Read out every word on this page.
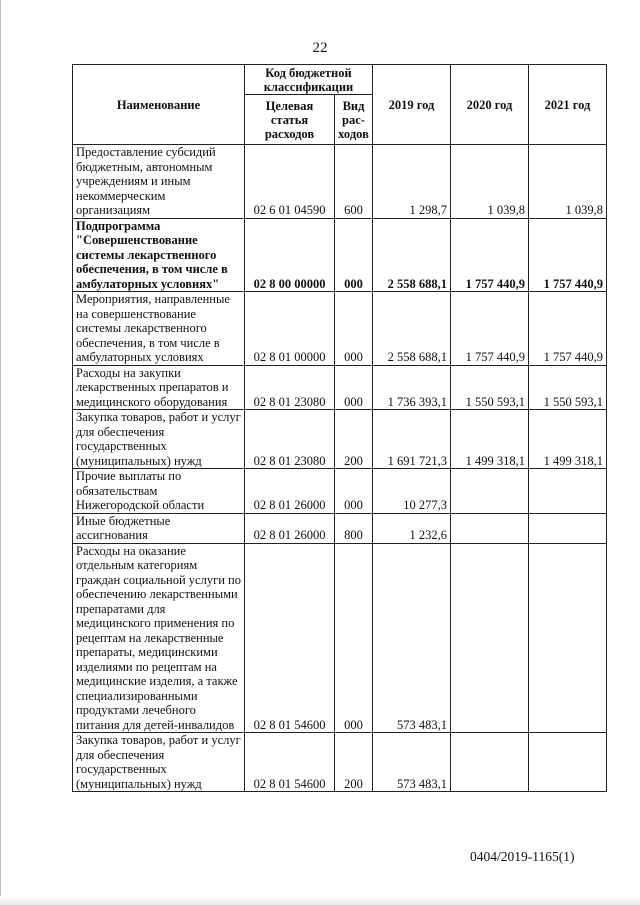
22
Наименование	Код бюджетной классификации		2019 год	2020 год	2021 год
	Целевая статья расходов	Вид рас-ходов			
Предоставление субсидий бюджетным, автономным учреждениям и иным некоммерческим организациям	02 6 01 04590	600	1 298,7	1 039,8	1 039,8
Подпрограмма "Совершенствование системы лекарственного обеспечения, в том числе в амбулаторных условиях"	02 8 00 00000	000	2 558 688,1	1 757 440,9	1 757 440,9
Мероприятия, направленные на совершенствование системы лекарственного обеспечения, в том числе в амбулаторных условиях	02 8 01 00000	000	2 558 688,1	1 757 440,9	1 757 440,9
Расходы на закупки лекарственных препаратов и медицинского оборудования	02 8 01 23080	000	1 736 393,1	1 550 593,1	1 550 593,1
Закупка товаров, работ и услуг для обеспечения государственных (муниципальных) нужд	02 8 01 23080	200	1 691 721,3	1 499 318,1	1 499 318,1
Прочие выплаты по обязательствам Нижегородской области	02 8 01 26000	000	10 277,3		
Иные бюджетные ассигнования	02 8 01 26000	800	1 232,6		
Расходы на оказание отдельным категориям граждан социальной услуги по обеспечению лекарственными препаратами для медицинского применения по рецептам на лекарственные препараты, медицинскими изделиями по рецептам на медицинские изделия, а также специализированными продуктами лечебного питания для детей-инвалидов	02 8 01 54600	000	573 483,1		
Закупка товаров, работ и услуг для обеспечения государственных (муниципальных) нужд	02 8 01 54600	200	573 483,1		
0404/2019-1165(1)
